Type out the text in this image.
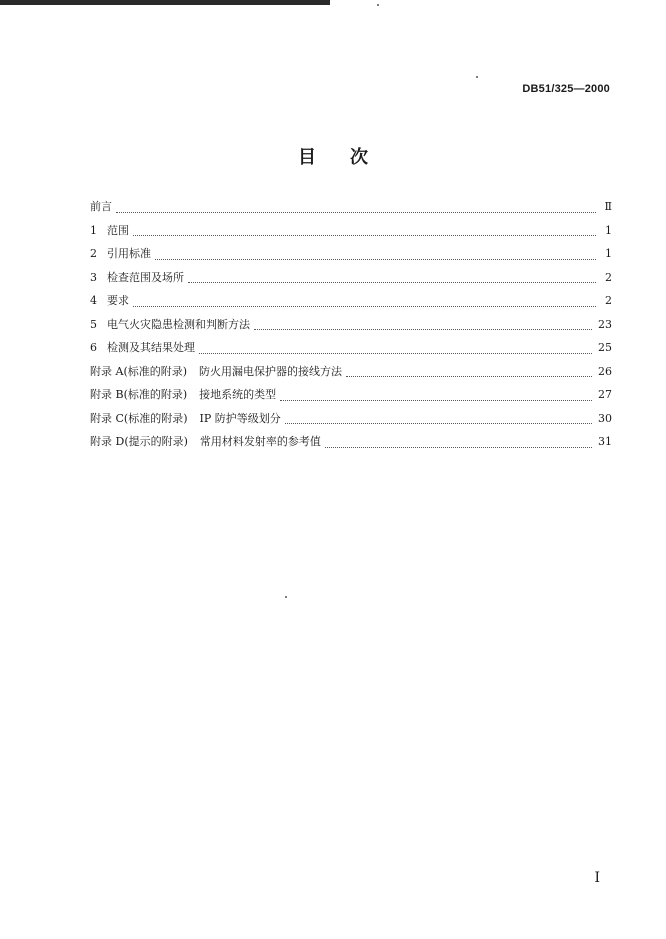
DB51/325—2000
目次
前言	Ⅱ
1 范围	1
2 引用标准	1
3 检查范围及场所	2
4 要求	2
5 电气火灾隐患检测和判断方法	23
6 检测及其结果处理	25
附录 A(标准的附录) 防火用漏电保护器的接线方法	26
附录 B(标准的附录) 接地系统的类型	27
附录 C(标准的附录) IP 防护等级划分	30
附录 D(提示的附录) 常用材料发射率的参考值	31
Ⅰ
